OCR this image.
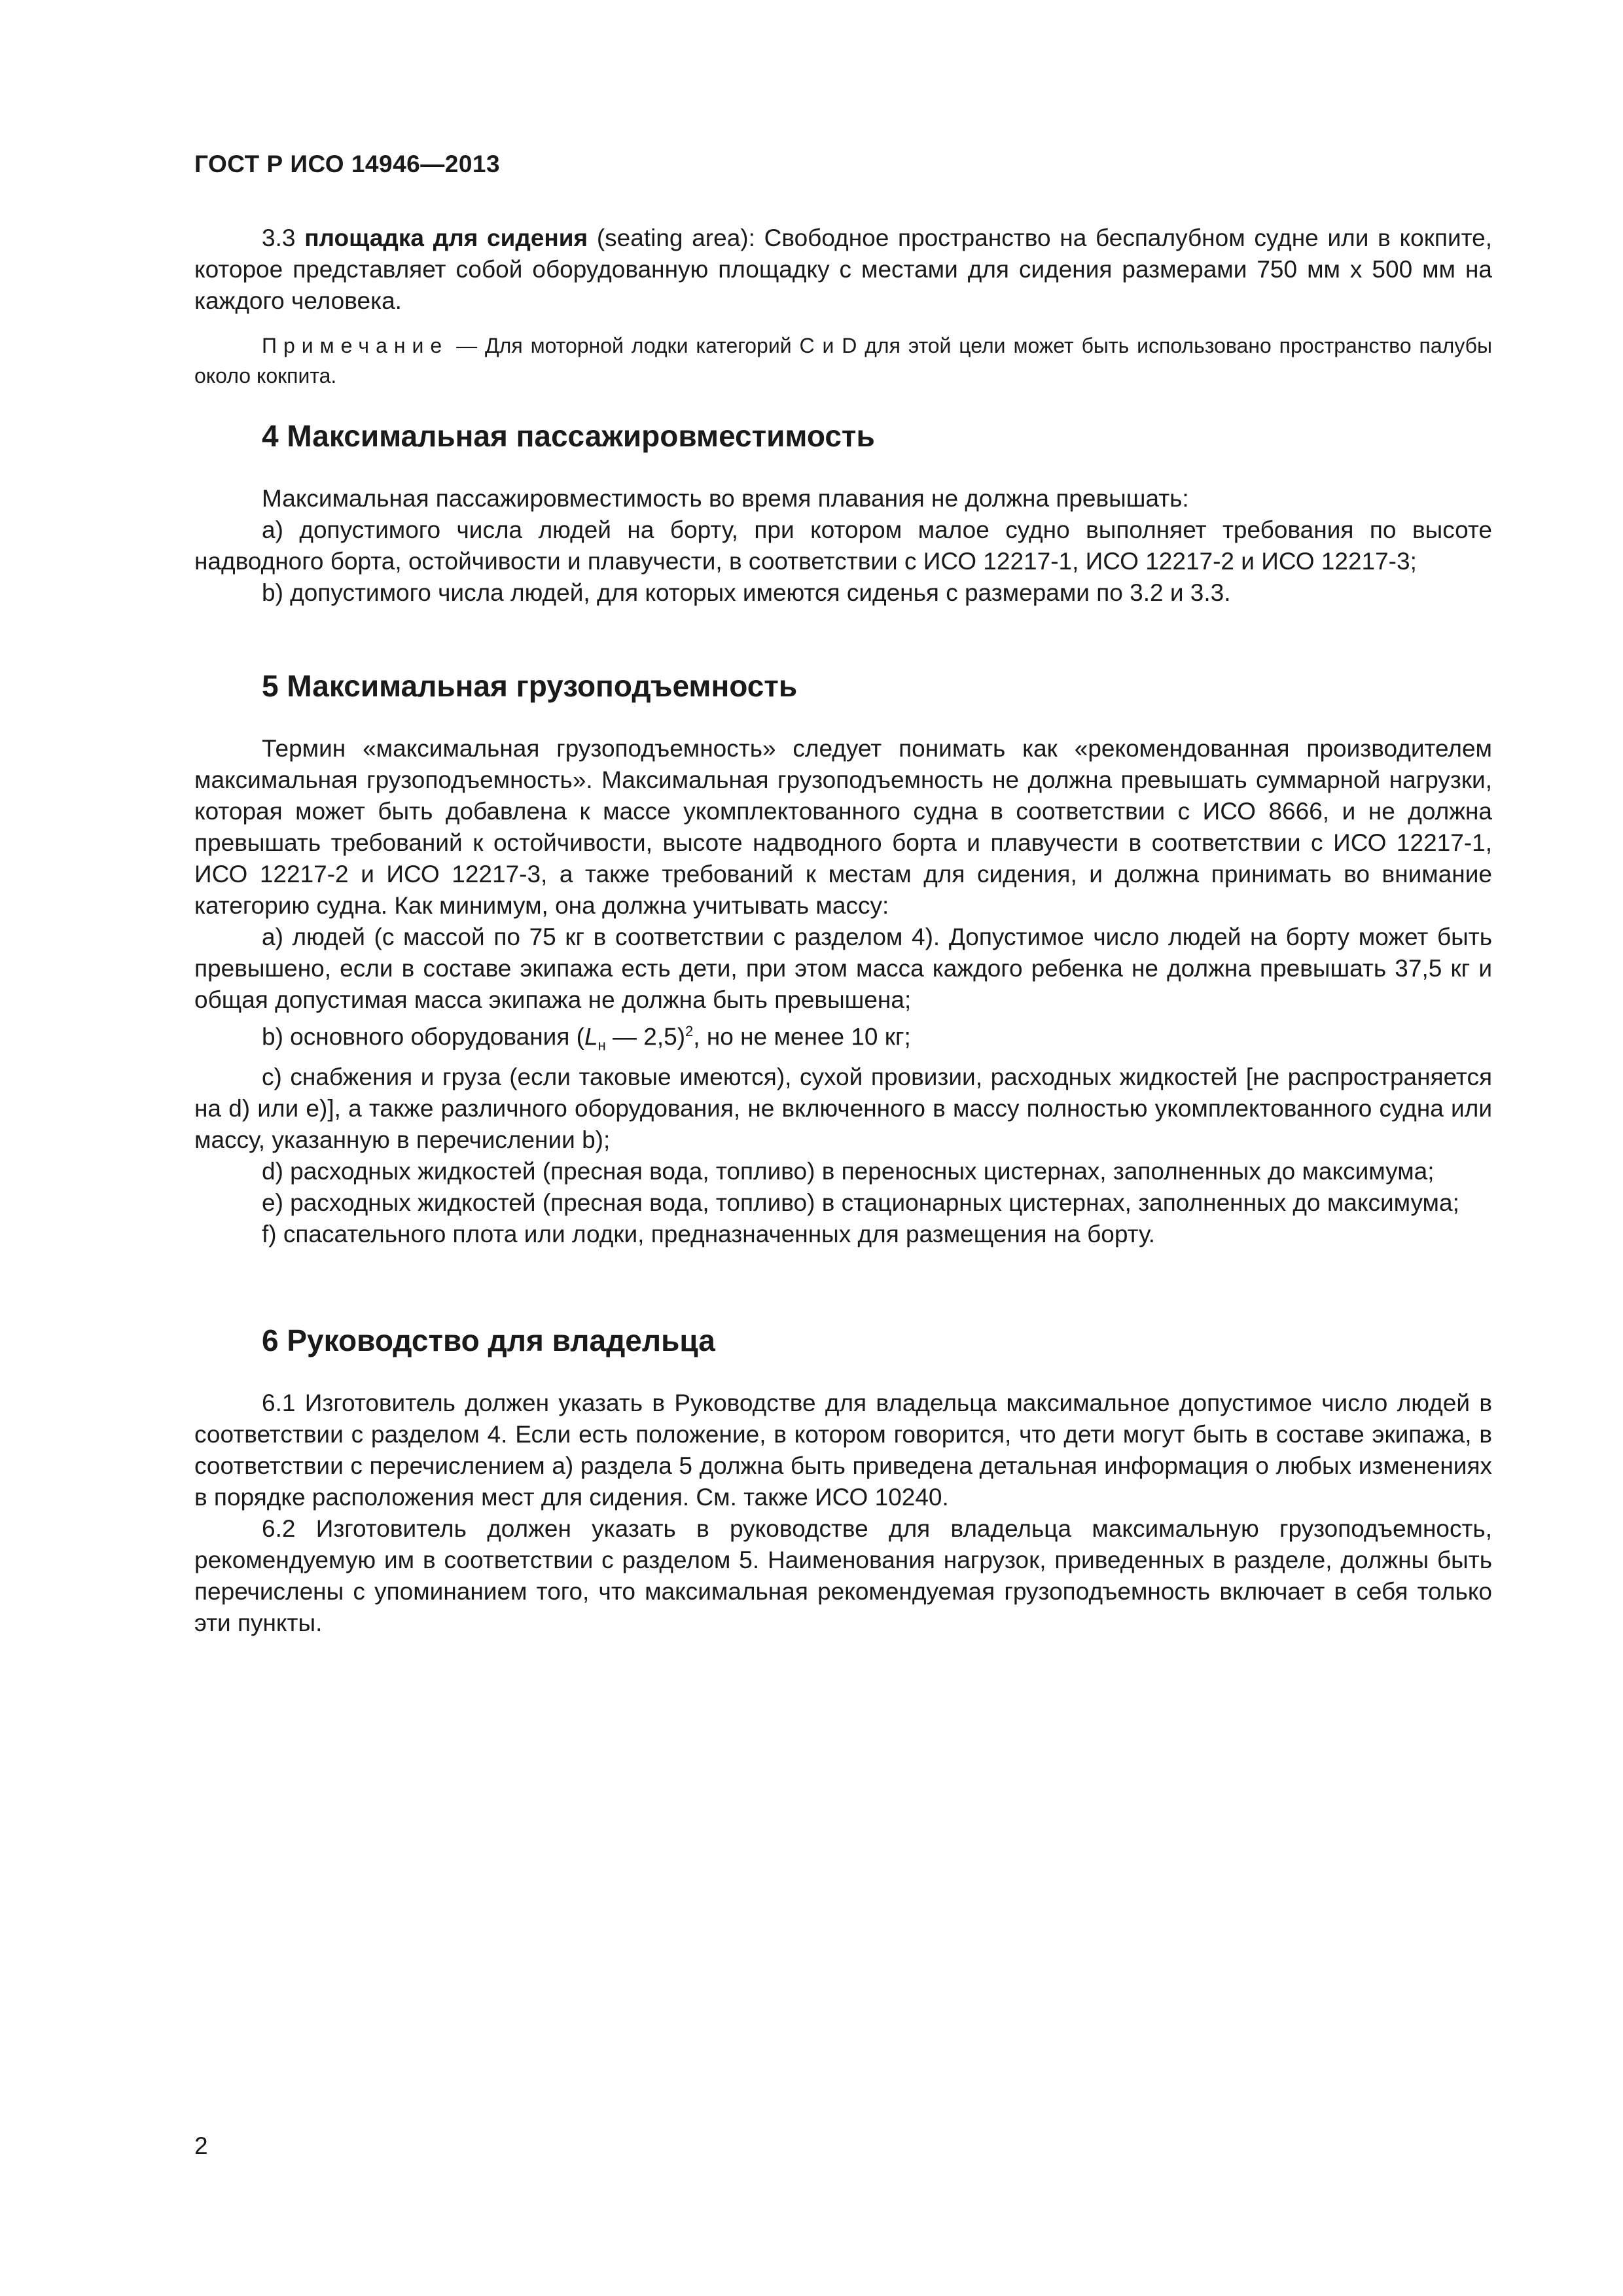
ГОСТ Р ИСО 14946—2013

3.3 площадка для сидения (seating area): Свободное пространство на беспалубном судне или в кокпите, которое представляет собой оборудованную площадку с местами для сидения размерами 750 мм х 500 мм на каждого человека.

Примечание — Для моторной лодки категорий С и D для этой цели может быть использовано пространство палубы около кокпита.

4 Максимальная пассажировместимость

Максимальная пассажировместимость во время плавания не должна превышать:

а) допустимого числа людей на борту, при котором малое судно выполняет требования по высоте надводного борта, остойчивости и плавучести, в соответствии с ИСО 12217-1, ИСО 12217-2 и ИСО 12217-3;

b) допустимого числа людей, для которых имеются сиденья с размерами по 3.2 и 3.3.

5 Максимальная грузоподъемность

Термин «максимальная грузоподъемность» следует понимать как «рекомендованная производителем максимальная грузоподъемность». Максимальная грузоподъемность не должна превышать суммарной нагрузки, которая может быть добавлена к массе укомплектованного судна в соответствии с ИСО 8666, и не должна превышать требований к остойчивости, высоте надводного борта и плавучести в соответствии с ИСО 12217-1, ИСО 12217-2 и ИСО 12217-3, а также требований к местам для сидения, и должна принимать во внимание категорию судна. Как минимум, она должна учитывать массу:

а) людей (с массой по 75 кг в соответствии с разделом 4). Допустимое число людей на борту может быть превышено, если в составе экипажа есть дети, при этом масса каждого ребенка не должна превышать 37,5 кг и общая допустимая масса экипажа не должна быть превышена;

b) основного оборудования ($L_н$ — 2,5)$^2$, но не менее 10 кг;

с) снабжения и груза (если таковые имеются), сухой провизии, расходных жидкостей [не распространяется на d) или е)], а также различного оборудования, не включенного в массу полностью укомплектованного судна или массу, указанную в перечислении b);

d) расходных жидкостей (пресная вода, топливо) в переносных цистернах, заполненных до максимума;

е) расходных жидкостей (пресная вода, топливо) в стационарных цистернах, заполненных до максимума;

f) спасательного плота или лодки, предназначенных для размещения на борту.

6 Руководство для владельца

6.1 Изготовитель должен указать в Руководстве для владельца максимальное допустимое число людей в соответствии с разделом 4. Если есть положение, в котором говорится, что дети могут быть в составе экипажа, в соответствии с перечислением а) раздела 5 должна быть приведена детальная информация о любых изменениях в порядке расположения мест для сидения. См. также ИСО 10240.

6.2 Изготовитель должен указать в руководстве для владельца максимальную грузоподъемность, рекомендуемую им в соответствии с разделом 5. Наименования нагрузок, приведенных в разделе, должны быть перечислены с упоминанием того, что максимальная рекомендуемая грузоподъемность включает в себя только эти пункты.

2
